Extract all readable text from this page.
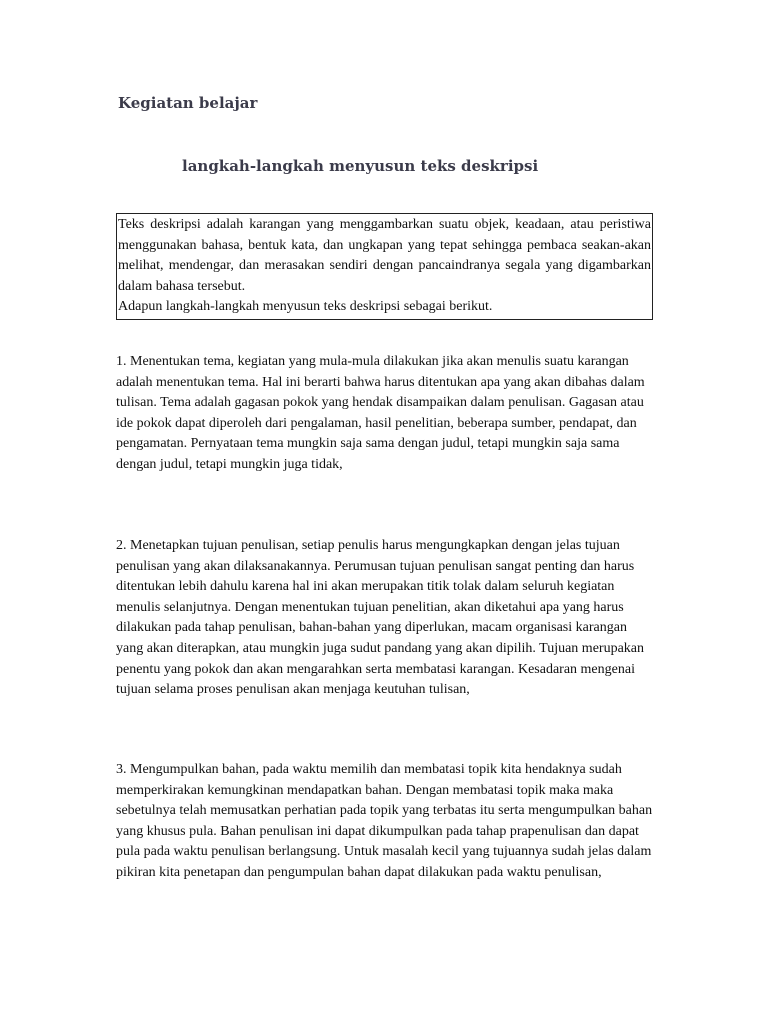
Kegiatan belajar
langkah-langkah menyusun teks deskripsi

Teks deskripsi adalah karangan yang menggambarkan suatu objek, keadaan, atau peristiwa menggunakan bahasa, bentuk kata, dan ungkapan yang tepat sehingga pembaca seakan-akan melihat, mendengar, dan merasakan sendiri dengan pancaindranya segala yang digambarkan dalam bahasa tersebut.

Adapun langkah-langkah menyusun teks deskripsi sebagai berikut.

1. Menentukan tema, kegiatan yang mula-mula dilakukan jika akan menulis suatu karangan adalah menentukan tema. Hal ini berarti bahwa harus ditentukan apa yang akan dibahas dalam tulisan. Tema adalah gagasan pokok yang hendak disampaikan dalam penulisan. Gagasan atau ide pokok dapat diperoleh dari pengalaman, hasil penelitian, beberapa sumber, pendapat, dan pengamatan. Pernyataan tema mungkin saja sama dengan judul, tetapi mungkin saja sama dengan judul, tetapi mungkin juga tidak,

2. Menetapkan tujuan penulisan, setiap penulis harus mengungkapkan dengan jelas tujuan penulisan yang akan dilaksanakannya. Perumusan tujuan penulisan sangat penting dan harus ditentukan lebih dahulu karena hal ini akan merupakan titik tolak dalam seluruh kegiatan menulis selanjutnya. Dengan menentukan tujuan penelitian, akan diketahui apa yang harus dilakukan pada tahap penulisan, bahan-bahan yang diperlukan, macam organisasi karangan yang akan diterapkan, atau mungkin juga sudut pandang yang akan dipilih. Tujuan merupakan penentu yang pokok dan akan mengarahkan serta membatasi karangan. Kesadaran mengenai tujuan selama proses penulisan akan menjaga keutuhan tulisan,

3. Mengumpulkan bahan, pada waktu memilih dan membatasi topik kita hendaknya sudah memperkirakan kemungkinan mendapatkan bahan. Dengan membatasi topik maka maka sebetulnya telah memusatkan perhatian pada topik yang terbatas itu serta mengumpulkan bahan yang khusus pula. Bahan penulisan ini dapat dikumpulkan pada tahap prapenulisan dan dapat pula pada waktu penulisan berlangsung. Untuk masalah kecil yang tujuannya sudah jelas dalam pikiran kita penetapan dan pengumpulan bahan dapat dilakukan pada waktu penulisan,
